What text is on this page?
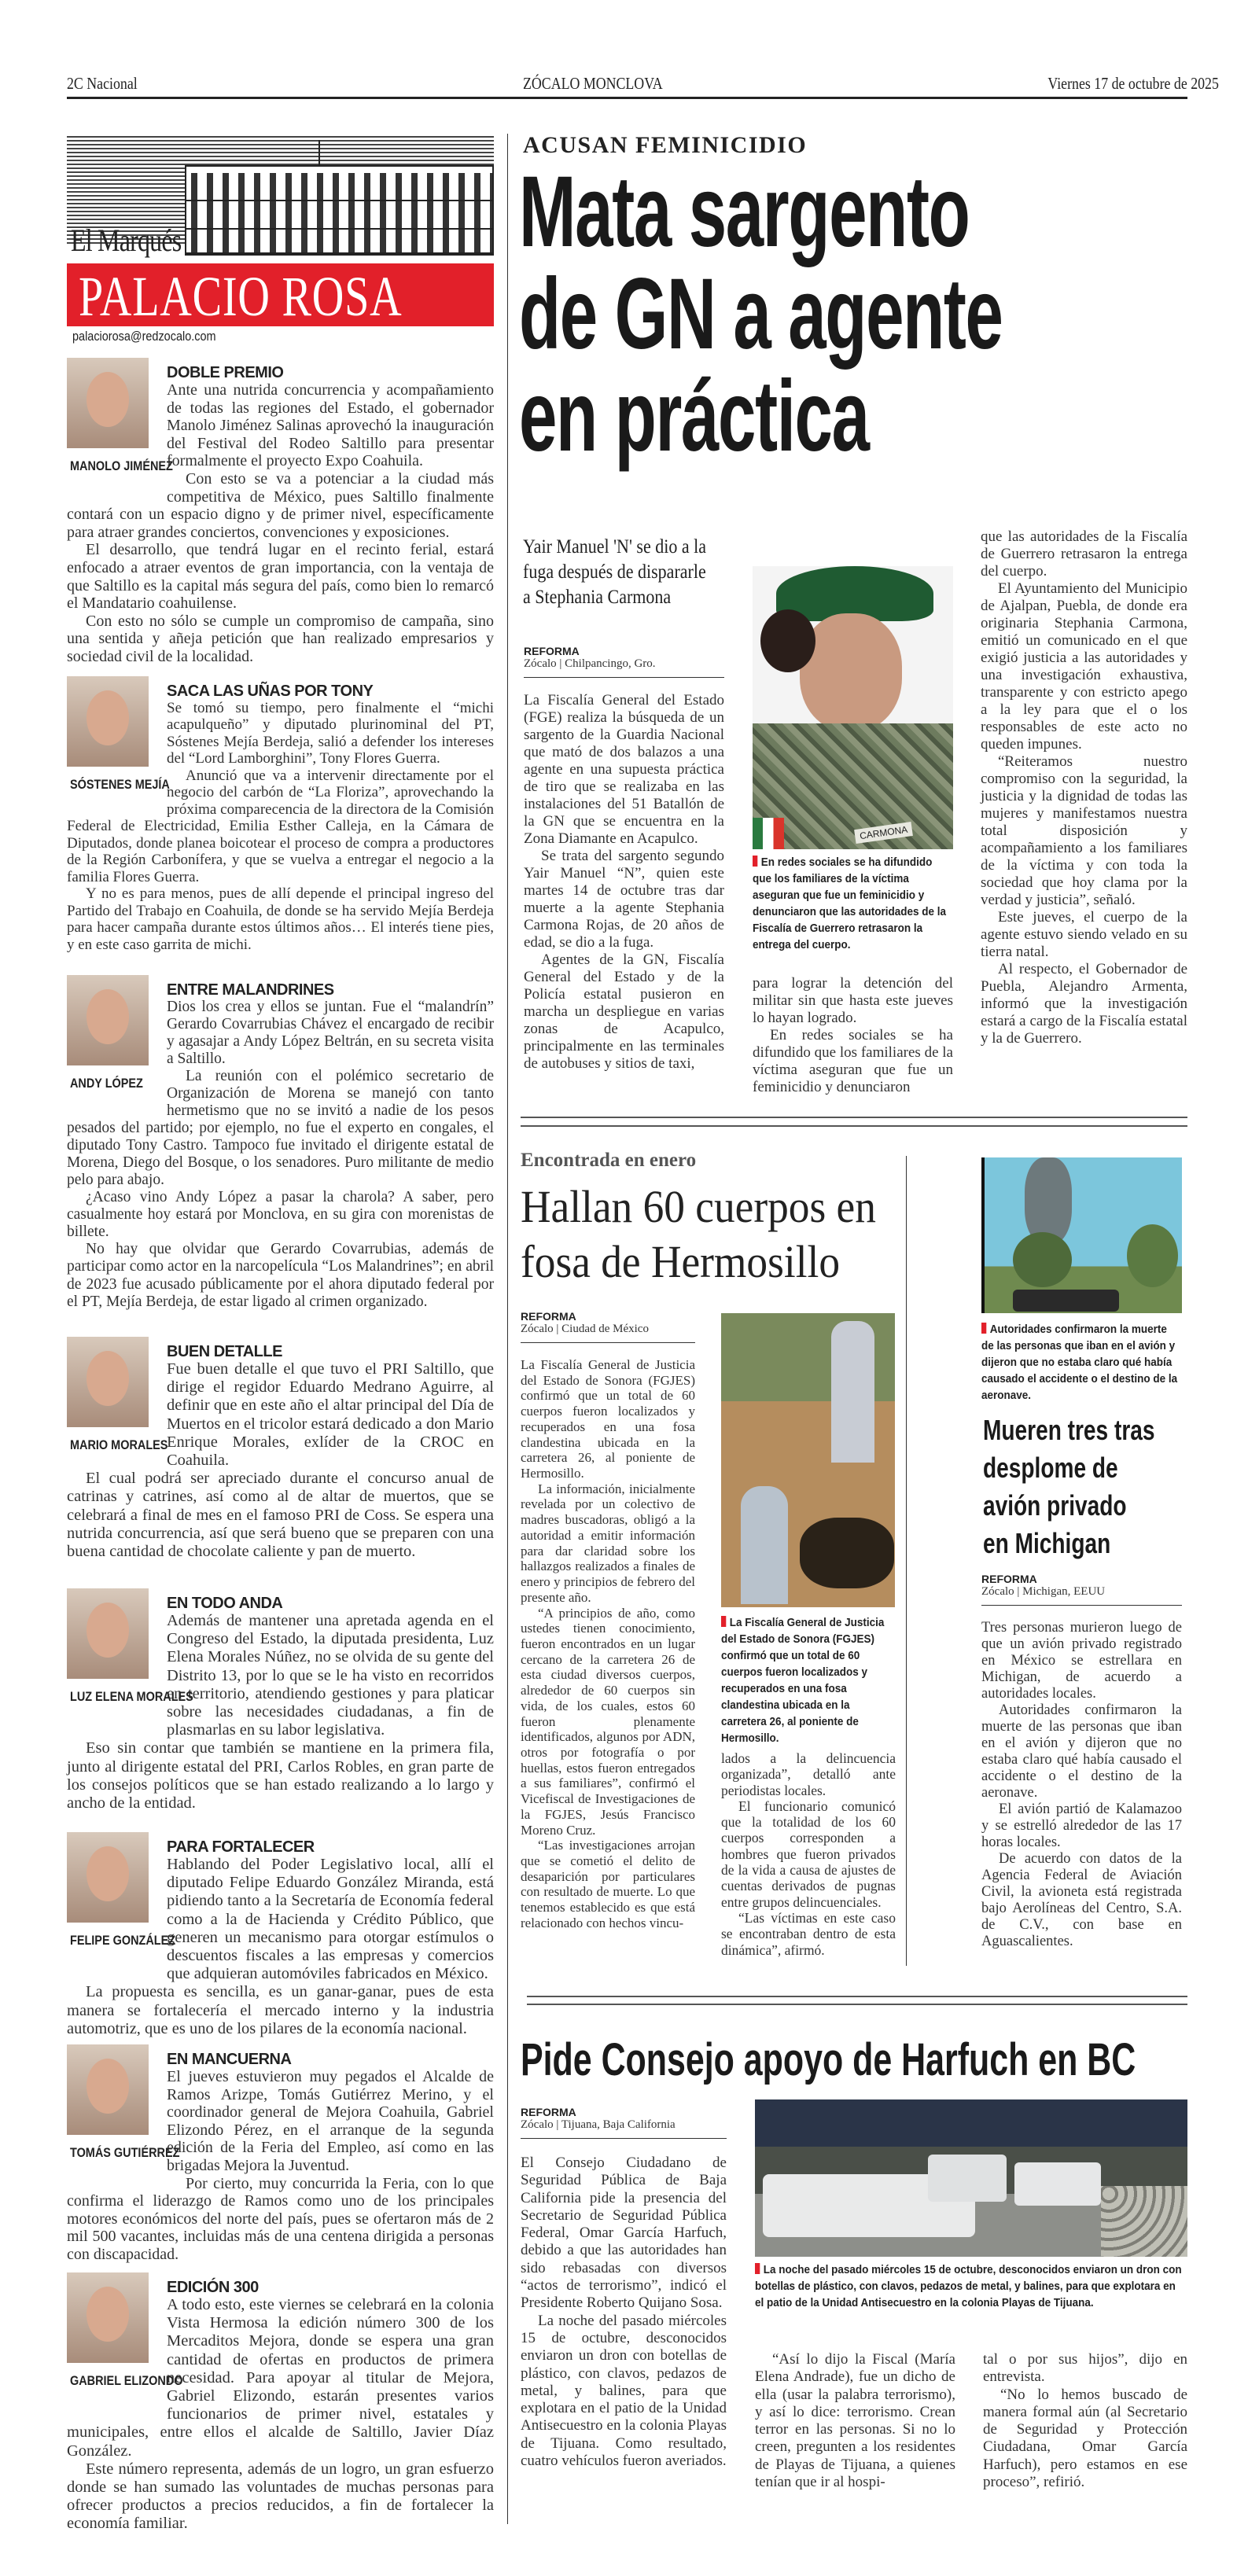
2C Nacional	ZÓCALO MONCLOVA	Viernes 17 de octubre de 2025
El Marqués
PALACIO ROSA
palaciorosa@redzocalo.com
MANOLO JIMÉNEZ
DOBLE PREMIO

Ante una nutrida concurrencia y acompañamiento de todas las regiones del Estado, el gobernador Manolo Jiménez Salinas aprovechó la inauguración del Festival del Rodeo Saltillo para presentar formalmente el proyecto Expo Coahuila.

Con esto se va a potenciar a la ciudad más competitiva de México, pues Saltillo finalmente contará con un espacio digno y de primer nivel, específicamente para atraer grandes conciertos, convenciones y exposiciones.

El desarrollo, que tendrá lugar en el recinto ferial, estará enfocado a atraer eventos de gran importancia, con la ventaja de que Saltillo es la capital más segura del país, como bien lo remarcó el Mandatario coahuilense.

Con esto no sólo se cumple un compromiso de campaña, sino una sentida y añeja petición que han realizado empresarios y sociedad civil de la localidad.

SÓSTENES MEJÍA
SACA LAS UÑAS POR TONY

Se tomó su tiempo, pero finalmente el “michi acapulqueño” y diputado plurinominal del PT, Sóstenes Mejía Berdeja, salió a defender los intereses del “Lord Lamborghini”, Tony Flores Guerra.

Anunció que va a intervenir directamente por el negocio del carbón de “La Floriza”, aprovechando la próxima comparecencia de la directora de la Comisión Federal de Electricidad, Emilia Esther Calleja, en la Cámara de Diputados, donde planea boicotear el proceso de compra a productores de la Región Carbonífera, y que se vuelva a entregar el negocio a la familia Flores Guerra.

Y no es para menos, pues de allí depende el principal ingreso del Partido del Trabajo en Coahuila, de donde se ha servido Mejía Berdeja para hacer campaña durante estos últimos años… El interés tiene pies, y en este caso garrita de michi.

ANDY LÓPEZ
ENTRE MALANDRINES

Dios los crea y ellos se juntan. Fue el “malandrín” Gerardo Covarrubias Chávez el encargado de recibir y agasajar a Andy López Beltrán, en su secreta visita a Saltillo.

La reunión con el polémico secretario de Organización de Morena se manejó con tanto hermetismo que no se invitó a nadie de los pesos pesados del partido; por ejemplo, no fue el experto en congales, el diputado Tony Castro. Tampoco fue invitado el dirigente estatal de Morena, Diego del Bosque, o los senadores. Puro militante de medio pelo para abajo.

¿Acaso vino Andy López a pasar la charola? A saber, pero casualmente hoy estará por Monclova, en su gira con morenistas de billete.

No hay que olvidar que Gerardo Covarrubias, además de participar como actor en la narcopelícula “Los Malandrines”; en abril de 2023 fue acusado públicamente por el ahora diputado federal por el PT, Mejía Berdeja, de estar ligado al crimen organizado.

MARIO MORALES
BUEN DETALLE

Fue buen detalle el que tuvo el PRI Saltillo, que dirige el regidor Eduardo Medrano Aguirre, al definir que en este año el altar principal del Día de Muertos en el tricolor estará dedicado a don Mario Enrique Morales, exlíder de la CROC en Coahuila.

El cual podrá ser apreciado durante el concurso anual de catrinas y catrines, así como al de altar de muertos, que se celebrará a final de mes en el famoso PRI de Coss. Se espera una nutrida concurrencia, así que será bueno que se preparen con una buena cantidad de chocolate caliente y pan de muerto.

LUZ ELENA MORALES
EN TODO ANDA

Además de mantener una apretada agenda en el Congreso del Estado, la diputada presidenta, Luz Elena Morales Núñez, no se olvida de su gente del Distrito 13, por lo que se le ha visto en recorridos en territorio, atendiendo gestiones y para platicar sobre las necesidades ciudadanas, a fin de plasmarlas en su labor legislativa.

Eso sin contar que también se mantiene en la primera fila, junto al dirigente estatal del PRI, Carlos Robles, en gran parte de los consejos políticos que se han estado realizando a lo largo y ancho de la entidad.

FELIPE GONZÁLEZ
PARA FORTALECER

Hablando del Poder Legislativo local, allí el diputado Felipe Eduardo González Miranda, está pidiendo tanto a la Secretaría de Economía federal como a la de Hacienda y Crédito Público, que generen un mecanismo para otorgar estímulos o descuentos fiscales a las empresas y comercios que adquieran automóviles fabricados en México.

La propuesta es sencilla, es un ganar-ganar, pues de esta manera se fortalecería el mercado interno y la industria automotriz, que es uno de los pilares de la economía nacional.

TOMÁS GUTIÉRREZ
EN MANCUERNA

El jueves estuvieron muy pegados el Alcalde de Ramos Arizpe, Tomás Gutiérrez Merino, y el coordinador general de Mejora Coahuila, Gabriel Elizondo Pérez, en el arranque de la segunda edición de la Feria del Empleo, así como en las brigadas Mejora la Juventud.

Por cierto, muy concurrida la Feria, con lo que confirma el liderazgo de Ramos como uno de los principales motores económicos del norte del país, pues se ofertaron más de 2 mil 500 vacantes, incluidas más de una centena dirigida a personas con discapacidad.

GABRIEL ELIZONDO
EDICIÓN 300

A todo esto, este viernes se celebrará en la colonia Vista Hermosa la edición número 300 de los Mercaditos Mejora, donde se espera una gran cantidad de ofertas en productos de primera necesidad. Para apoyar al titular de Mejora, Gabriel Elizondo, estarán presentes varios funcionarios de primer nivel, estatales y municipales, entre ellos el alcalde de Saltillo, Javier Díaz González.

Este número representa, además de un logro, un gran esfuerzo donde se han sumado las voluntades de muchas personas para ofrecer productos a precios reducidos, a fin de fortalecer la economía familiar.

ACUSAN FEMINICIDIO
Mata sargento
de GN a agente
en práctica
Yair Manuel 'N' se dio a la fuga después de dispararle a Stephania Carmona
REFORMA
Zócalo | Chilpancingo, Gro.

La Fiscalía General del Estado (FGE) realiza la búsqueda de un sargento de la Guardia Nacional que mató de dos balazos a una agente en una supuesta práctica de tiro que se realizaba en las instalaciones del 51 Batallón de la GN que se encuentra en la Zona Diamante en Acapulco.

Se trata del sargento segundo Yair Manuel “N”, quien este martes 14 de octubre tras dar muerte a la agente Stephania Carmona Rojas, de 20 años de edad, se dio a la fuga.

Agentes de la GN, Fiscalía General del Estado y de la Policía estatal pusieron en marcha un despliegue en varias zonas de Acapulco, principalmente en las terminales de autobuses y sitios de taxi,

CARMONA
En redes sociales se ha difundido que los familiares de la víctima aseguran que fue un feminicidio y denunciaron que las autoridades de la Fiscalía de Guerrero retrasaron la entrega del cuerpo.

para lograr la detención del militar sin que hasta este jueves lo hayan logrado.

En redes sociales se ha difundido que los familiares de la víctima aseguran que fue un feminicidio y denunciaron

que las autoridades de la Fiscalía de Guerrero retrasaron la entrega del cuerpo.

El Ayuntamiento del Municipio de Ajalpan, Puebla, de donde era originaria Stephania Carmona, emitió un comunicado en el que exigió justicia a las autoridades y una investigación exhaustiva, transparente y con estricto apego a la ley para que el o los responsables de este acto no queden impunes.

“Reiteramos nuestro compromiso con la seguridad, la justicia y la dignidad de todas las mujeres y manifestamos nuestra total disposición y acompañamiento a los familiares de la víctima y con toda la sociedad que hoy clama por la verdad y justicia”, señaló.

Este jueves, el cuerpo de la agente estuvo siendo velado en su tierra natal.

Al respecto, el Gobernador de Puebla, Alejandro Armenta, informó que la investigación estará a cargo de la Fiscalía estatal y la de Guerrero.

Encontrada en enero
Hallan 60 cuerpos en
fosa de Hermosillo
REFORMA
Zócalo | Ciudad de México

La Fiscalía General de Justicia del Estado de Sonora (FGJES) confirmó que un total de 60 cuerpos fueron localizados y recuperados en una fosa clandestina ubicada en la carretera 26, al poniente de Hermosillo.

La información, inicialmente revelada por un colectivo de madres buscadoras, obligó a la autoridad a emitir información para dar claridad sobre los hallazgos realizados a finales de enero y principios de febrero del presente año.

“A principios de año, como ustedes tienen conocimiento, fueron encontrados en un lugar cercano de la carretera 26 de esta ciudad diversos cuerpos, alrededor de 60 cuerpos sin vida, de los cuales, estos 60 fueron plenamente identificados, algunos por ADN, otros por fotografía o por huellas, estos fueron entregados a sus familiares”, confirmó el Vicefiscal de Investigaciones de la FGJES, Jesús Francisco Moreno Cruz.

“Las investigaciones arrojan que se cometió el delito de desaparición por particulares con resultado de muerte. Lo que tenemos establecido es que está relacionado con hechos vincu-

La Fiscalía General de Justicia del Estado de Sonora (FGJES) confirmó que un total de 60 cuerpos fueron localizados y recuperados en una fosa clandestina ubicada en la carretera 26, al poniente de Hermosillo.

lados a la delincuencia organizada”, detalló ante periodistas locales.

El funcionario comunicó que la totalidad de los 60 cuerpos corresponden a hombres que fueron privados de la vida a causa de ajustes de cuentas derivados de pugnas entre grupos delincuenciales.

“Las víctimas en este caso se encontraban dentro de esta dinámica”, afirmó.

Autoridades confirmaron la muerte de las personas que iban en el avión y dijeron que no estaba claro qué había causado el accidente o el destino de la aeronave.
Mueren tres tras
desplome de
avión privado
en Michigan
REFORMA
Zócalo | Michigan, EEUU

Tres personas murieron luego de que un avión privado registrado en México se estrellara en Michigan, de acuerdo a autoridades locales.

Autoridades confirmaron la muerte de las personas que iban en el avión y dijeron que no estaba claro qué había causado el accidente o el destino de la aeronave.

El avión partió de Kalamazoo y se estrelló alrededor de las 17 horas locales.

De acuerdo con datos de la Agencia Federal de Aviación Civil, la avioneta está registrada bajo Aerolíneas del Centro, S.A. de C.V., con base en Aguascalientes.

Pide Consejo apoyo de Harfuch en BC
REFORMA
Zócalo | Tijuana, Baja California

El Consejo Ciudadano de Seguridad Pública de Baja California pide la presencia del Secretario de Seguridad Pública Federal, Omar García Harfuch, debido a que las autoridades han sido rebasadas con diversos “actos de terrorismo”, indicó el Presidente Roberto Quijano Sosa.

La noche del pasado miércoles 15 de octubre, desconocidos enviaron un dron con botellas de plástico, con clavos, pedazos de metal, y balines, para que explotara en el patio de la Unidad Antisecuestro en la colonia Playas de Tijuana. Como resultado, cuatro vehículos fueron averiados.

La noche del pasado miércoles 15 de octubre, desconocidos enviaron un dron con botellas de plástico, con clavos, pedazos de metal, y balines, para que explotara en el patio de la Unidad Antisecuestro en la colonia Playas de Tijuana.

“Así lo dijo la Fiscal (María Elena Andrade), fue un dicho de ella (usar la palabra terrorismo), y así lo dice: terrorismo. Crean terror en las personas. Si no lo creen, pregunten a los residentes de Playas de Tijuana, a quienes tenían que ir al hospi-

tal o por sus hijos”, dijo en entrevista.

“No lo hemos buscado de manera formal aún (al Secretario de Seguridad y Protección Ciudadana, Omar García Harfuch), pero estamos en ese proceso”, refirió.
